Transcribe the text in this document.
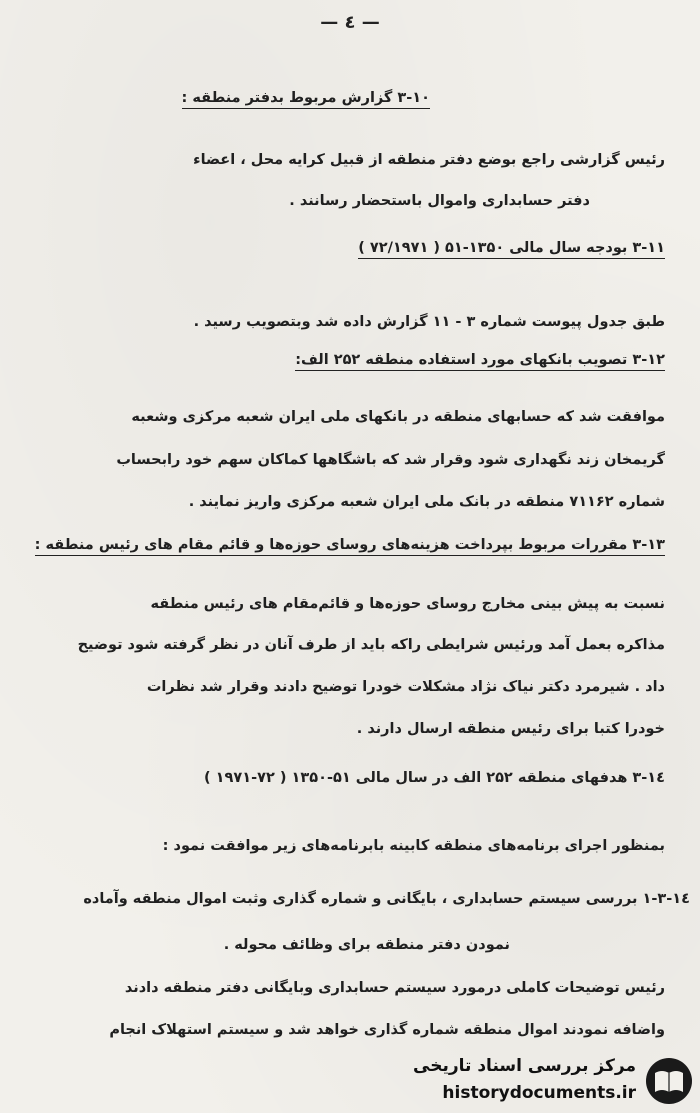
— ٤ —
۳-۱۰ گزارش مربوط بدفتر منطقه :
رئیس گزارشی راجع بوضع دفتر منطقه از قبیل کرایه محل ، اعضاء
دفتر حسابداری واموال باستحضار رسانند .
۳-۱۱ بودجه سال مالی ۱۳۵۰-۵۱ ( ۷۲/۱۹۷۱ )
طبق جدول پیوست شماره ۳ - ۱۱ گزارش داده شد وبتصویب رسید .
۳-۱۲ تصویب بانکهای مورد استفاده منطقه ۲۵۲ الف:
موافقت شد که حسابهای منطقه در بانکهای ملی ایران شعبه مرکزی وشعبه
گریمخان زند نگهداری شود وقرار شد که باشگاهها کماکان سهم خود رابحساب
شماره ۷۱۱۶۲ منطقه در بانک ملی ایران شعبه مرکزی واریز نمایند .
۳-۱۳ مقررات مربوط بپرداخت هزینه‌های روسای حوزه‌ها و قائم مقام های رئیس منطقه :
نسبت به پیش بینی مخارج روسای حوزه‌ها و قائم‌مقام های رئیس منطقه
مذاکره بعمل آمد ورئیس شرایطی راکه باید از طرف آنان در نظر گرفته شود توضیح
داد . شیرمرد دکتر نیاک نژاد مشکلات خودرا توضیح دادند وقرار شد نظرات
خودرا کتبا برای رئیس منطقه ارسال دارند .
۳-۱٤ هدفهای منطقه ۲۵۲ الف در سال مالی ۵۱-۱۳۵۰ ( ۷۲-۱۹۷۱ )
بمنظور اجرای برنامه‌های منطقه کابینه بابرنامه‌های زیر موافقت نمود :
۳-۱٤-۱ بررسی سیستم حسابداری ، بایگانی و شماره گذاری وثبت اموال منطقه وآماده
نمودن دفتر منطقه برای وظائف محوله .
رئیس توضیحات کاملی درمورد سیستم حسابداری وبایگانی دفتر منطقه دادند
واضافه نمودند اموال منطقه شماره گذاری خواهد شد و سیستم استهلاک انجام
مرکز بررسی اسناد تاریخی
historydocuments.ir
